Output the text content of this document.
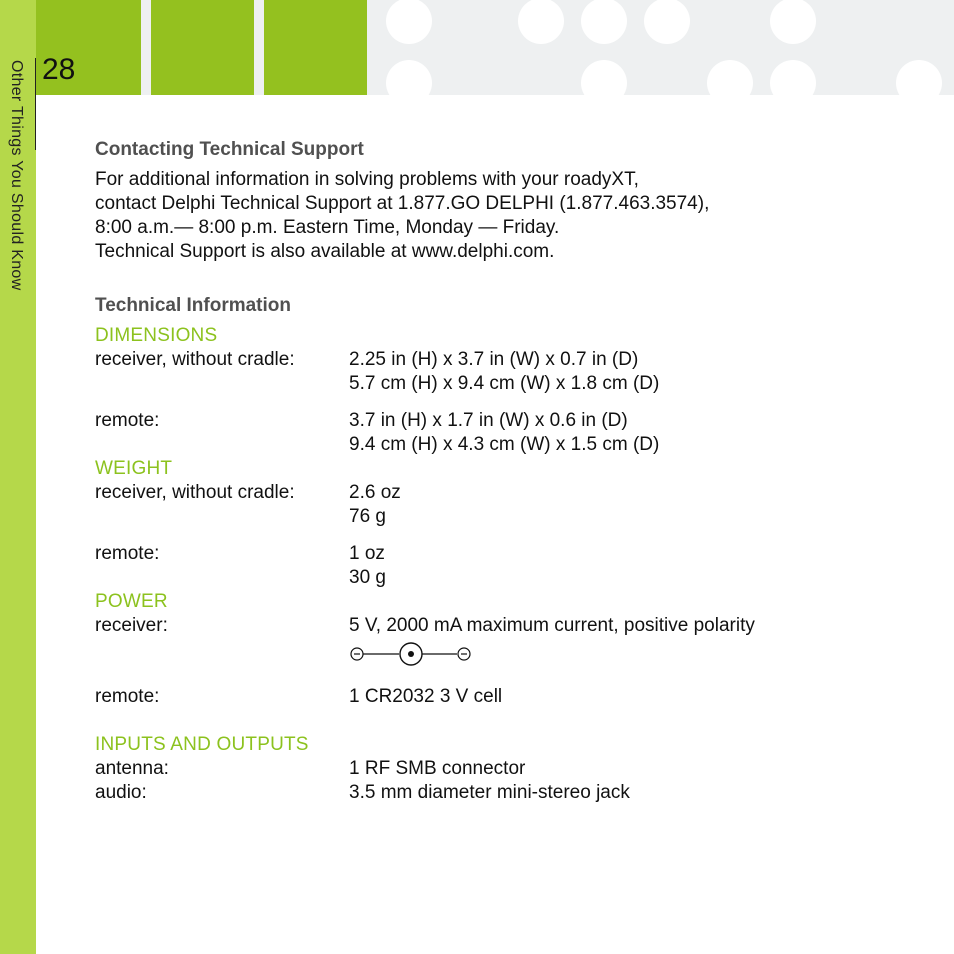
Other Things You Should Know 28
Contacting Technical Support
For additional information in solving problems with your roadyXT,
contact Delphi Technical Support at 1.877.GO DELPHI (1.877.463.3574),
8:00 a.m.— 8:00 p.m. Eastern Time, Monday — Friday.
Technical Support is also available at www.delphi.com.
Technical Information
DIMENSIONS
receiver, without cradle:	2.25 in (H) x 3.7 in (W) x 0.7 in (D)
5.7 cm (H) x 9.4 cm (W) x 1.8 cm (D)
remote:	3.7 in (H) x 1.7 in (W) x 0.6 in (D)
9.4 cm (H) x 4.3 cm (W) x 1.5 cm (D)
WEIGHT
receiver, without cradle:	2.6 oz
76 g
remote:	1 oz
30 g
POWER
receiver:	5 V, 2000 mA maximum current, positive polarity
remote:	1 CR2032 3 V cell
INPUTS AND OUTPUTS
antenna:	1 RF SMB connector
audio:	3.5 mm diameter mini-stereo jack
